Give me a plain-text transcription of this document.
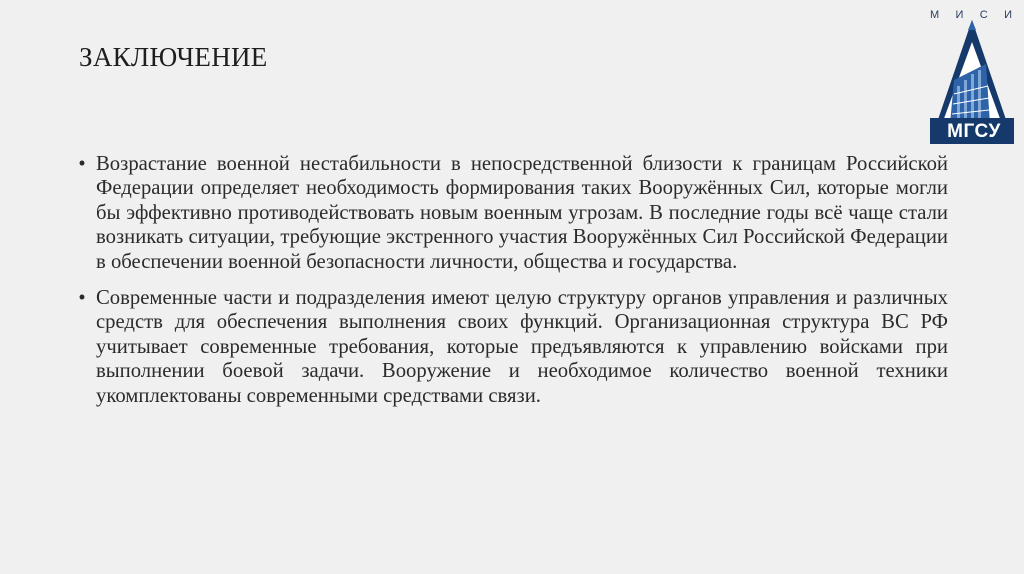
ЗАКЛЮЧЕНИЕ
М И С И
МГСУ
• Возрастание военной нестабильности в непосредственной близости к границам Российской Федерации определяет необходимость формирования таких Вооружённых Сил, которые могли бы эффективно противодействовать новым военным угрозам. В последние годы всё чаще стали возникать ситуации, требующие экстренного участия Вооружённых Сил Российской Федерации в обеспечении военной безопасности личности, общества и государства.
• Современные части и подразделения имеют целую структуру органов управления и различных средств для обеспечения выполнения своих функций. Организационная структура ВС РФ учитывает современные требования, которые предъявляются к управлению войсками при выполнении боевой задачи. Вооружение и необходимое количество военной техники укомплектованы современными средствами связи.
